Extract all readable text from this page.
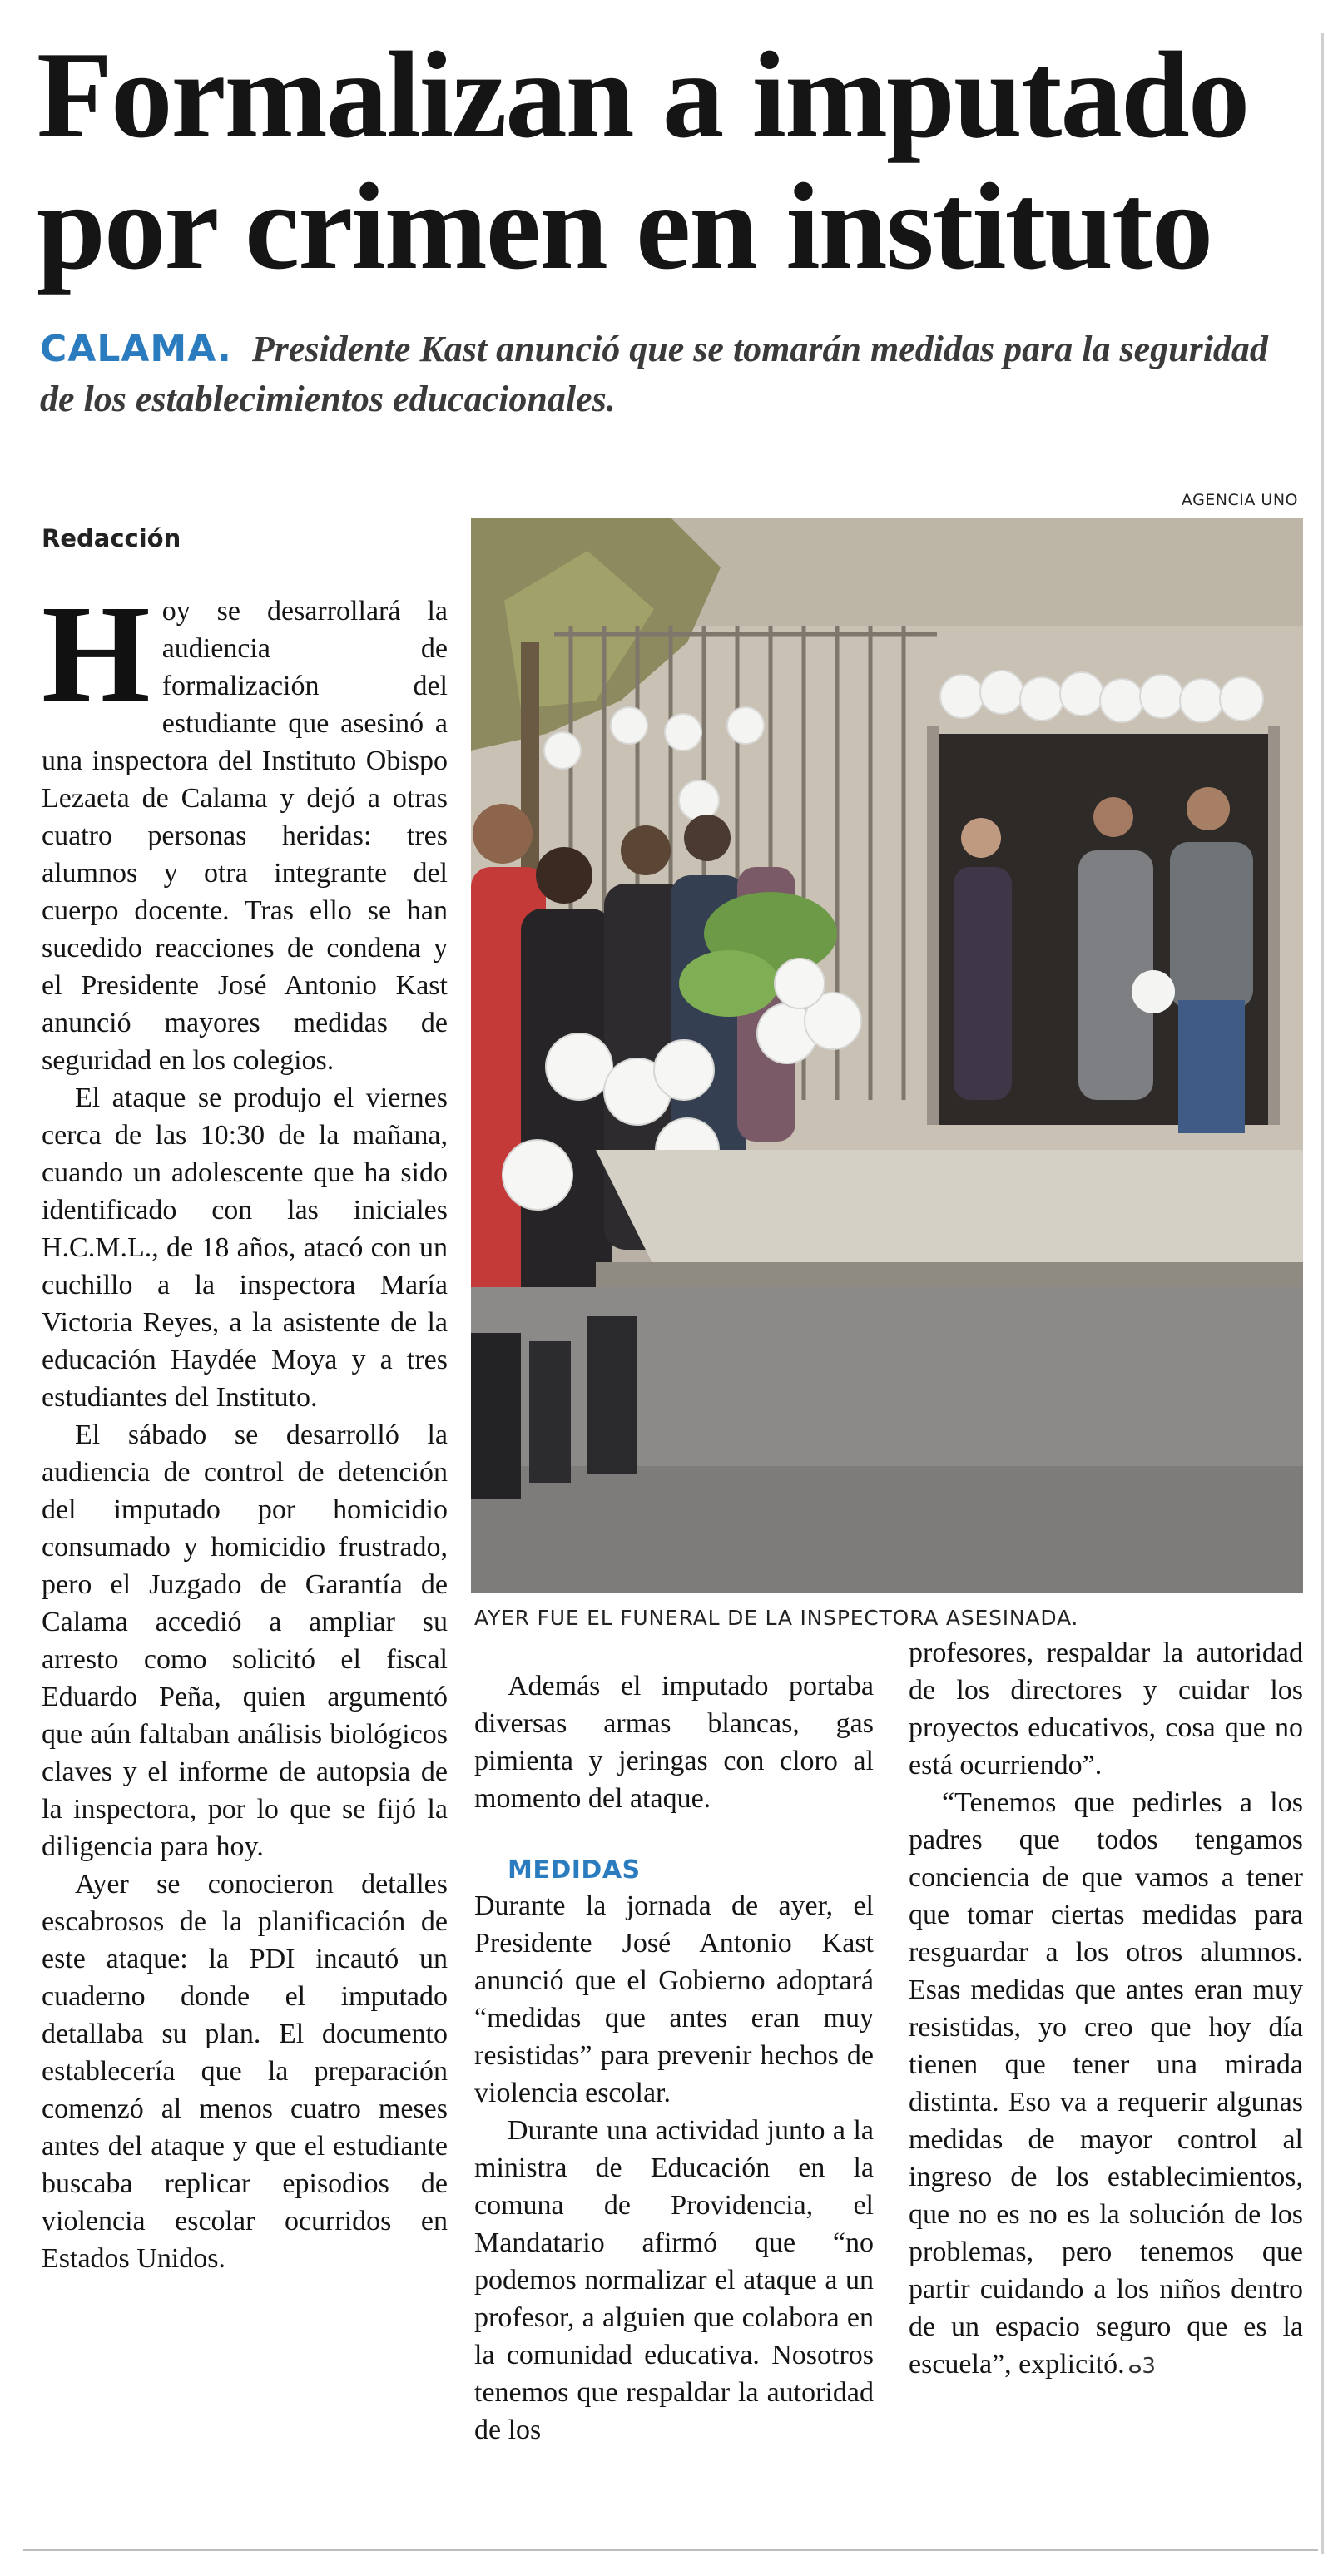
Formalizan a imputado
por crimen en instituto
CALAMA. Presidente Kast anunció que se tomarán medidas para la seguridad de los establecimientos educacionales.
AGENCIA UNO
AYER FUE EL FUNERAL DE LA INSPECTORA ASESINADA.
Redacción

Hoy se desarrollará la audiencia de formalización del estudiante que asesinó a una inspectora del Instituto Obispo Lezaeta de Calama y dejó a otras cuatro personas heridas: tres alumnos y otra integrante del cuerpo docente. Tras ello se han sucedido reacciones de condena y el Presidente José Antonio Kast anunció mayores medidas de seguridad en los colegios.

El ataque se produjo el viernes cerca de las 10:30 de la mañana, cuando un adolescente que ha sido identificado con las iniciales H.C.M.L., de 18 años, atacó con un cuchillo a la inspectora María Victoria Reyes, a la asistente de la educación Haydée Moya y a tres estudiantes del Instituto.

El sábado se desarrolló la audiencia de control de detención del imputado por homicidio consumado y homicidio frustrado, pero el Juzgado de Garantía de Calama accedió a ampliar su arresto como solicitó el fiscal Eduardo Peña, quien argumentó que aún faltaban análisis biológicos claves y el informe de autopsia de la inspectora, por lo que se fijó la diligencia para hoy.

Ayer se conocieron detalles escabrosos de la planificación de este ataque: la PDI incautó un cuaderno donde el imputado detallaba su plan. El documento establecería que la preparación comenzó al menos cuatro meses antes del ataque y que el estudiante buscaba replicar episodios de violencia escolar ocurridos en Estados Unidos.

Además el imputado portaba diversas armas blancas, gas pimienta y jeringas con cloro al momento del ataque.

MEDIDAS

Durante la jornada de ayer, el Presidente José Antonio Kast anunció que el Gobierno adoptará “medidas que antes eran muy resistidas” para prevenir hechos de violencia escolar.

Durante una actividad junto a la ministra de Educación en la comuna de Providencia, el Mandatario afirmó que “no podemos normalizar el ataque a un profesor, a alguien que colabora en la comunidad educativa. Nosotros tenemos que respaldar la autoridad de los

profesores, respaldar la autoridad de los directores y cuidar los proyectos educativos, cosa que no está ocurriendo”.

“Tenemos que pedirles a los padres que todos tengamos conciencia de que vamos a tener que tomar ciertas medidas para resguardar a los otros alumnos. Esas medidas que antes eran muy resistidas, yo creo que hoy día tienen que tener una mirada distinta. Eso va a requerir algunas medidas de mayor control al ingreso de los establecimientos, que no es no es la solución de los problemas, pero tenemos que partir cuidando a los niños dentro de un espacio seguro que es la escuela”, explicitó. ⴰ3
